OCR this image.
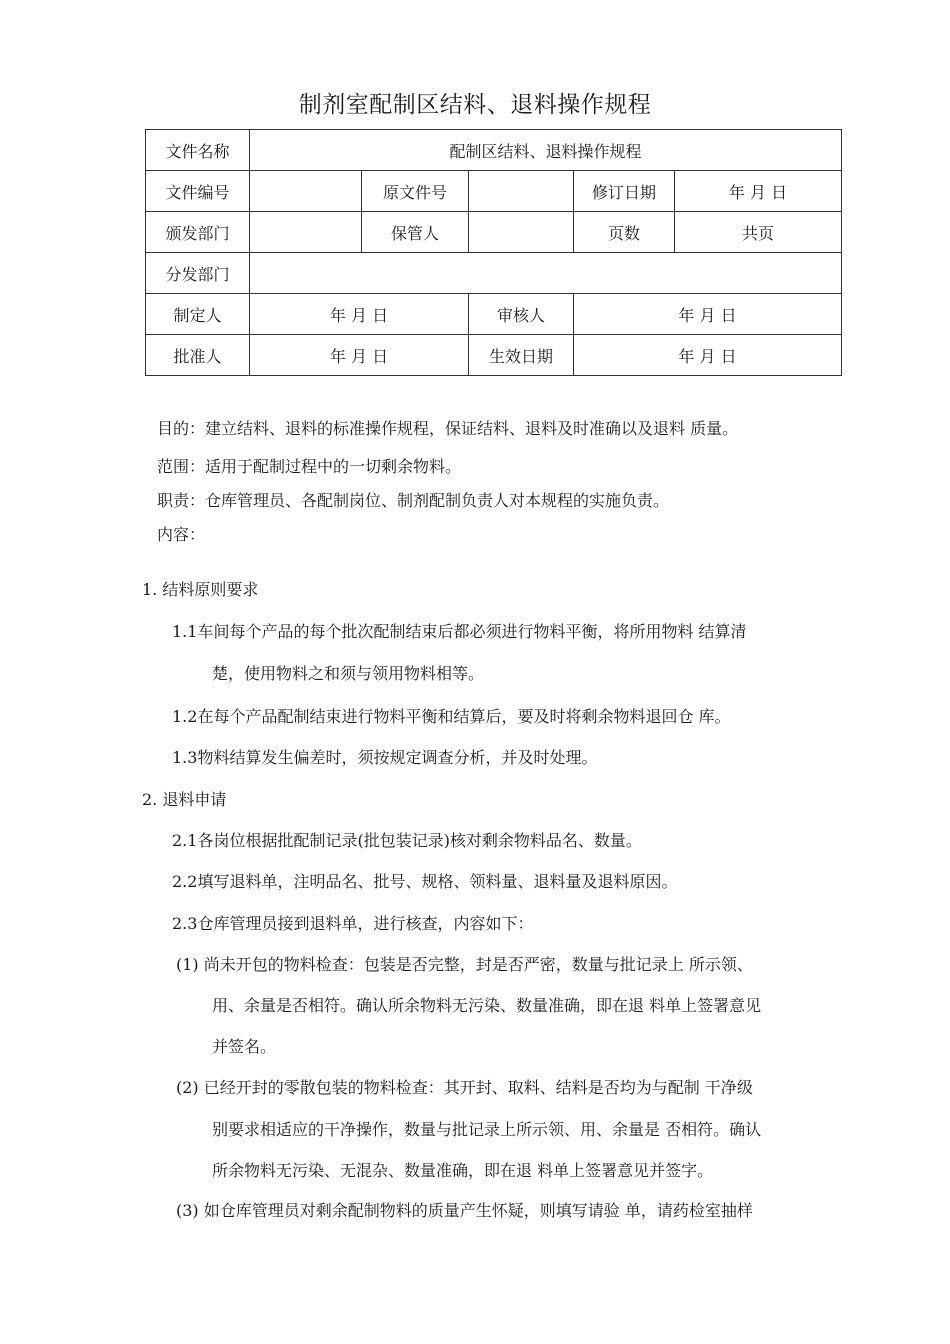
制剂室配制区结料、退料操作规程
文件名称	配制区结料、退料操作规程				
文件编号		原文件号		修订日期	年 月 日
颁发部门		保管人		页数	共页
分发部门					
制定人	年 月 日		审核人	年 月 日	
批准人	年 月 日		生效日期	年 月 日	
目的：建立结料、退料的标准操作规程，保证结料、退料及时准确以及退料 质量。
范围：适用于配制过程中的一切剩余物料。
职责：仓库管理员、各配制岗位、制剂配制负责人对本规程的实施负责。
内容：
1. 结料原则要求
1.1车间每个产品的每个批次配制结束后都必须进行物料平衡，将所用物料 结算清
楚，使用物料之和须与领用物料相等。
1.2在每个产品配制结束进行物料平衡和结算后，要及时将剩余物料退回仓 库。
1.3物料结算发生偏差时，须按规定调查分析，并及时处理。
2. 退料申请
2.1各岗位根据批配制记录(批包装记录)核对剩余物料品名、数量。
2.2填写退料单，注明品名、批号、规格、领料量、退料量及退料原因。
2.3仓库管理员接到退料单，进行核查，内容如下：
(1) 尚未开包的物料检查：包装是否完整，封是否严密，数量与批记录上 所示领、
用、余量是否相符。确认所余物料无污染、数量准确，即在退 料单上签署意见
并签名。
(2) 已经开封的零散包装的物料检查：其开封、取料、结料是否均为与配制 干净级
别要求相适应的干净操作，数量与批记录上所示领、用、余量是 否相符。确认
所余物料无污染、无混杂、数量准确，即在退 料单上签署意见并签字。
(3) 如仓库管理员对剩余配制物料的质量产生怀疑，则填写请验 单，请药检室抽样
